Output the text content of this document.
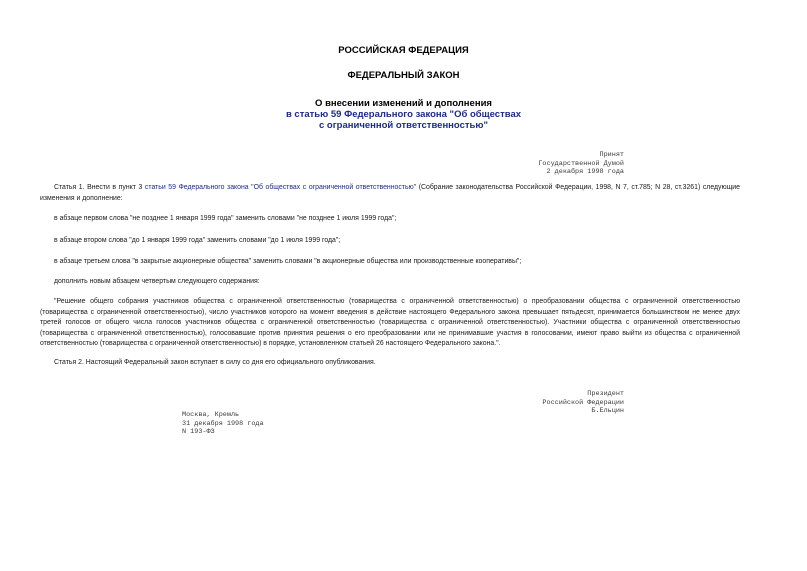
РОССИЙСКАЯ ФЕДЕРАЦИЯ
ФЕДЕРАЛЬНЫЙ ЗАКОН
О внесении изменений и дополнения
в статью 59 Федерального закона "Об обществах
с ограниченной ответственностью"
Принят
Государственной Думой
2 декабря 1998 года
Статья 1. Внести в пункт 3 статьи 59 Федерального закона "Об обществах с ограниченной ответственностью" (Собрание законодательства Российской Федерации, 1998, N 7, ст.785; N 28, ст.3261) следующие изменения и дополнение:
в абзаце первом слова "не позднее 1 января 1999 года" заменить словами "не позднее 1 июля 1999 года";
в абзаце втором слова "до 1 января 1999 года" заменить словами "до 1 июля 1999 года";
в абзаце третьем слова "в закрытые акционерные общества" заменить словами "в акционерные общества или производственные кооперативы";
дополнить новым абзацем четвертым следующего содержания:
"Решение общего собрания участников общества с ограниченной ответственностью (товарищества с ограниченной ответственностью) о преобразовании общества с ограниченной ответственностью (товарищества с ограниченной ответственностью), число участников которого на момент введения в действие настоящего Федерального закона превышает пятьдесят, принимается большинством не менее двух третей голосов от общего числа голосов участников общества с ограниченной ответственностью (товарищества с ограниченной ответственностью). Участники общества с ограниченной ответственностью (товарищества с ограниченной ответственностью), голосовавшие против принятия решения о его преобразовании или не принимавшие участия в голосовании, имеют право выйти из общества с ограниченной ответственностью (товарищества с ограниченной ответственностью) в порядке, установленном статьей 26 настоящего Федерального закона.".
Статья 2. Настоящий Федеральный закон вступает в силу со дня его официального опубликования.
Президент
Российской Федерации
Б.Ельцин
Москва, Кремль
31 декабря 1998 года
N 193-ФЗ
